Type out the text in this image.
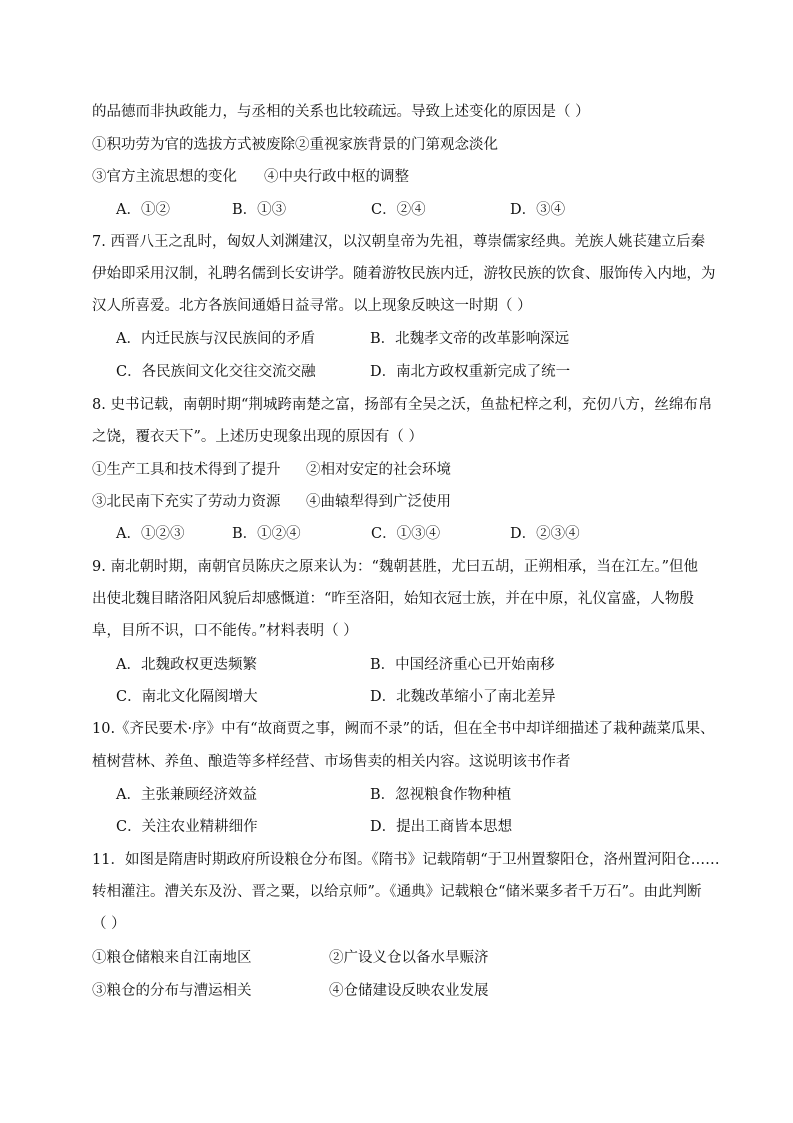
的品德而非执政能力，与丞相的关系也比较疏远。导致上述变化的原因是（ ）
①积功劳为官的选拔方式被废除②重视家族背景的门第观念淡化
③官方主流思想的变化 ④中央行政中枢的调整
A．①②	B．①③	C．②④	D．③④
7. 西晋八王之乱时，匈奴人刘渊建汉，以汉朝皇帝为先祖，尊崇儒家经典。羌族人姚苌建立后秦
伊始即采用汉制，礼聘名儒到长安讲学。随着游牧民族内迁，游牧民族的饮食、服饰传入内地，为
汉人所喜爱。北方各族间通婚日益寻常。以上现象反映这一时期（ ）
A．内迁民族与汉民族间的矛盾	B．北魏孝文帝的改革影响深远
C．各民族间文化交往交流交融	D．南北方政权重新完成了统一
8. 史书记载，南朝时期“荆城跨南楚之富，扬部有全吴之沃，鱼盐杞梓之利，充仞八方，丝绵布帛
之饶，覆衣天下”。上述历史现象出现的原因有（ ）
①生产工具和技术得到了提升 ②相对安定的社会环境
③北民南下充实了劳动力资源 ④曲辕犁得到广泛使用
A．①②③	B．①②④	C．①③④	D．②③④
9. 南北朝时期，南朝官员陈庆之原来认为：“魏朝甚胜，尤曰五胡，正朔相承，当在江左。”但他
出使北魏目睹洛阳风貌后却感慨道：“昨至洛阳，始知衣冠士族，并在中原，礼仪富盛，人物殷
阜，目所不识，口不能传。”材料表明（ ）
A．北魏政权更迭频繁	B．中国经济重心已开始南移
C．南北文化隔阂增大	D．北魏改革缩小了南北差异
10.《齐民要术·序》中有“故商贾之事，阙而不录”的话，但在全书中却详细描述了栽种蔬菜瓜果、
植树营林、养鱼、酿造等多样经营、市场售卖的相关内容。这说明该书作者
A．主张兼顾经济效益	B．忽视粮食作物种植
C．关注农业精耕细作	D．提出工商皆本思想
11．如图是隋唐时期政府所设粮仓分布图。《隋书》记载隋朝“于卫州置黎阳仓，洛州置河阳仓……
转相灌注。漕关东及汾、晋之粟，以给京师”。《通典》记载粮仓“储米粟多者千万石”。由此判断
（ ）
①粮仓储粮来自江南地区	②广设义仓以备水旱赈济
③粮仓的分布与漕运相关	④仓储建设反映农业发展
